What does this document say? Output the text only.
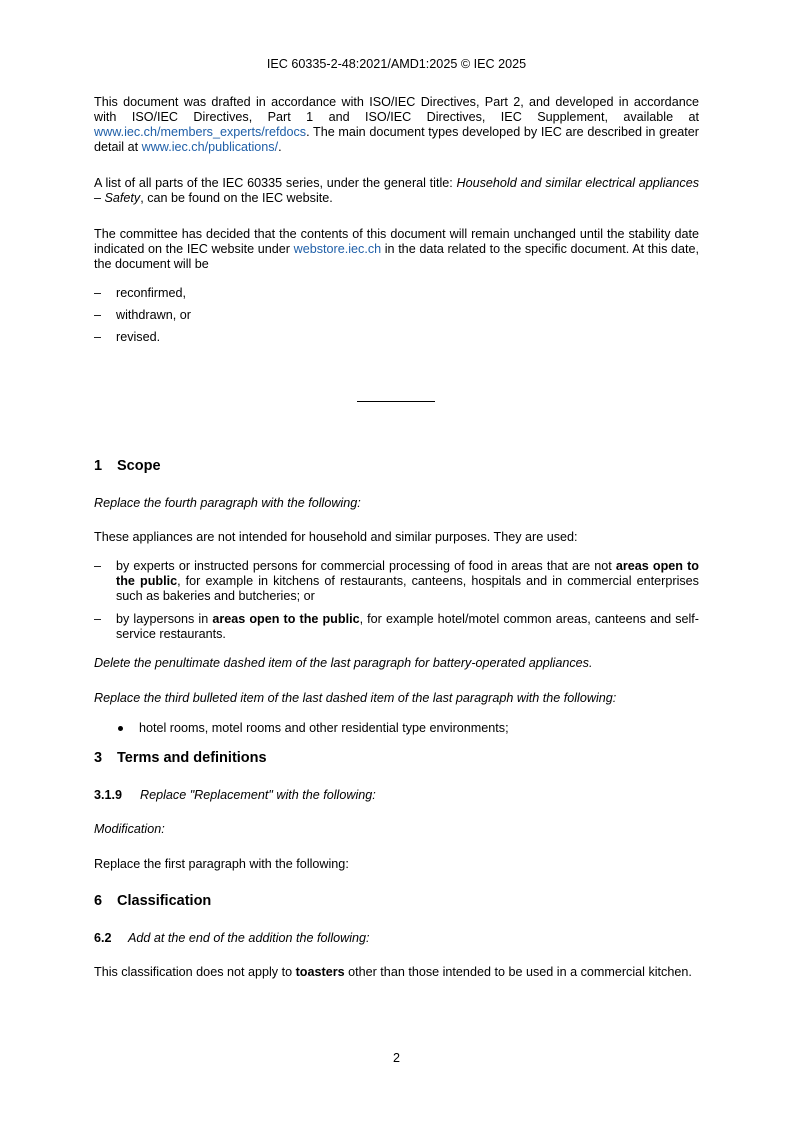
IEC 60335-2-48:2021/AMD1:2025 © IEC 2025

This document was drafted in accordance with ISO/IEC Directives, Part 2, and developed in accordance with ISO/IEC Directives, Part 1 and ISO/IEC Directives, IEC Supplement, available at www.iec.ch/members_experts/refdocs. The main document types developed by IEC are described in greater detail at www.iec.ch/publications/.

A list of all parts of the IEC 60335 series, under the general title: Household and similar electrical appliances – Safety, can be found on the IEC website.

The committee has decided that the contents of this document will remain unchanged until the stability date indicated on the IEC website under webstore.iec.ch in the data related to the specific document. At this date, the document will be

– reconfirmed,
– withdrawn, or
– revised.
1 Scope
Replace the fourth paragraph with the following:
These appliances are not intended for household and similar purposes. They are used:
– by experts or instructed persons for commercial processing of food in areas that are not areas open to the public, for example in kitchens of restaurants, canteens, hospitals and in commercial enterprises such as bakeries and butcheries; or
– by laypersons in areas open to the public, for example hotel/motel common areas, canteens and self-service restaurants.
Delete the penultimate dashed item of the last paragraph for battery-operated appliances.
Replace the third bulleted item of the last dashed item of the last paragraph with the following:
hotel rooms, motel rooms and other residential type environments;
3 Terms and definitions
3.1.9 Replace "Replacement" with the following:
Modification:
Replace the first paragraph with the following:
6 Classification
6.2 Add at the end of the addition the following:

This classification does not apply to toasters other than those intended to be used in a commercial kitchen.

2
